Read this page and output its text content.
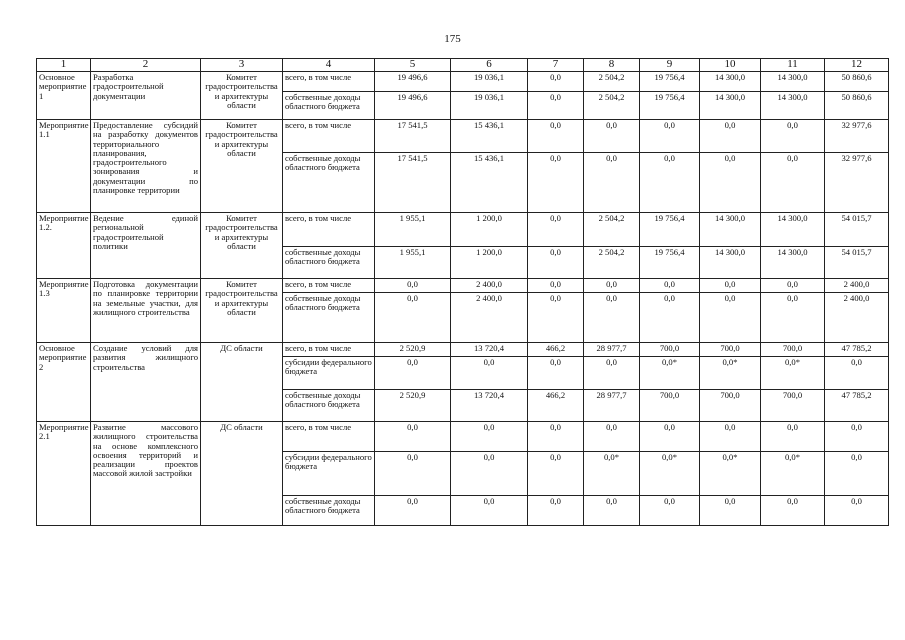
175
1	2	3	4	5	6	7	8	9	10	11	12
Основное мероприятие 1	Разработка градостроительной документации	Комитет градостроительства и архитектуры области	всего, в том числе	19 496,6	19 036,1	0,0	2 504,2	19 756,4	14 300,0	14 300,0	50 860,6
			собственные доходы областного бюджета	19 496,6	19 036,1	0,0	2 504,2	19 756,4	14 300,0	14 300,0	50 860,6
Мероприятие 1.1	Предоставление субсидий на разработку документов территориального планирования, градостроительного зонирования и документации по планировке территории	Комитет градостроительства и архитектуры области	всего, в том числе	17 541,5	15 436,1	0,0	0,0	0,0	0,0	0,0	32 977,6
			собственные доходы областного бюджета	17 541,5	15 436,1	0,0	0,0	0,0	0,0	0,0	32 977,6
Мероприятие 1.2.	Ведение единой региональной градостроительной политики	Комитет градостроительства и архитектуры области	всего, в том числе	1 955,1	1 200,0	0,0	2 504,2	19 756,4	14 300,0	14 300,0	54 015,7
			собственные доходы областного бюджета	1 955,1	1 200,0	0,0	2 504,2	19 756,4	14 300,0	14 300,0	54 015,7
Мероприятие 1.3	Подготовка документации по планировке территории на земельные участки, для жилищного строительства	Комитет градостроительства и архитектуры области	всего, в том числе	0,0	2 400,0	0,0	0,0	0,0	0,0	0,0	2 400,0
			собственные доходы областного бюджета	0,0	2 400,0	0,0	0,0	0,0	0,0	0,0	2 400,0
Основное мероприятие 2	Создание условий для развития жилищного строительства	ДС области	всего, в том числе	2 520,9	13 720,4	466,2	28 977,7	700,0	700,0	700,0	47 785,2
			субсидии федерального бюджета	0,0	0,0	0,0	0,0	0,0*	0,0*	0,0*	0,0
			собственные доходы областного бюджета	2 520,9	13 720,4	466,2	28 977,7	700,0	700,0	700,0	47 785,2
Мероприятие 2.1	Развитие массового жилищного строительства на основе комплексного освоения территорий и реализации проектов массовой жилой застройки	ДС области	всего, в том числе	0,0	0,0	0,0	0,0	0,0	0,0	0,0	0,0
			субсидии федерального бюджета	0,0	0,0	0,0	0,0*	0,0*	0,0*	0,0*	0,0
			собственные доходы областного бюджета	0,0	0,0	0,0	0,0	0,0	0,0	0,0	0,0
